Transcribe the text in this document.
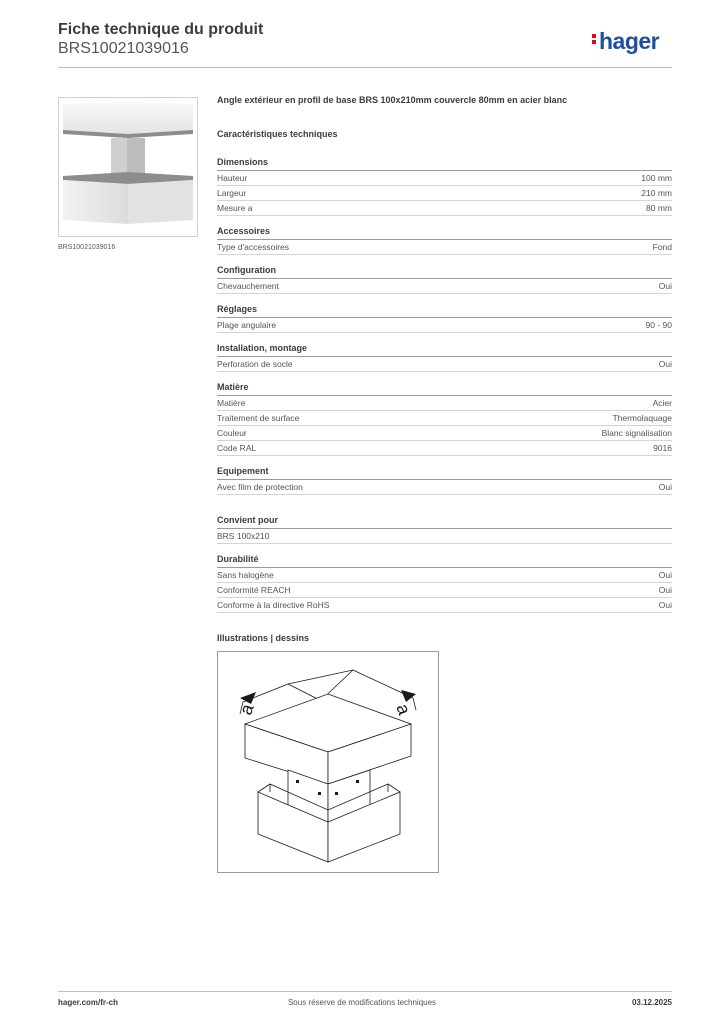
Fiche technique du produit
BRS10021039016	hager
BRS10021039016
Angle extérieur en profil de base BRS 100x210mm couvercle 80mm en acier blanc
Caractéristiques techniques
Dimensions
Hauteur	100 mm
Largeur	210 mm
Mesure a	80 mm
Accessoires
Type d'accessoires	Fond
Configuration
Chevauchement	Oui
Réglages
Plage angulaire	90 - 90
Installation, montage
Perforation de socle	Oui
Matière
Matière	Acier
Traitement de surface	Thermolaquage
Couleur	Blanc signalisation
Code RAL	9016
Equipement
Avec film de protection	Oui
Convient pour
BRS 100x210
Durabilité
Sans halogène	Oui
Conformité REACH	Oui
Conforme à la directive RoHS	Oui
Illustrations | dessins
a	a
hager.com/fr-ch	Sous réserve de modifications techniques	03.12.2025
